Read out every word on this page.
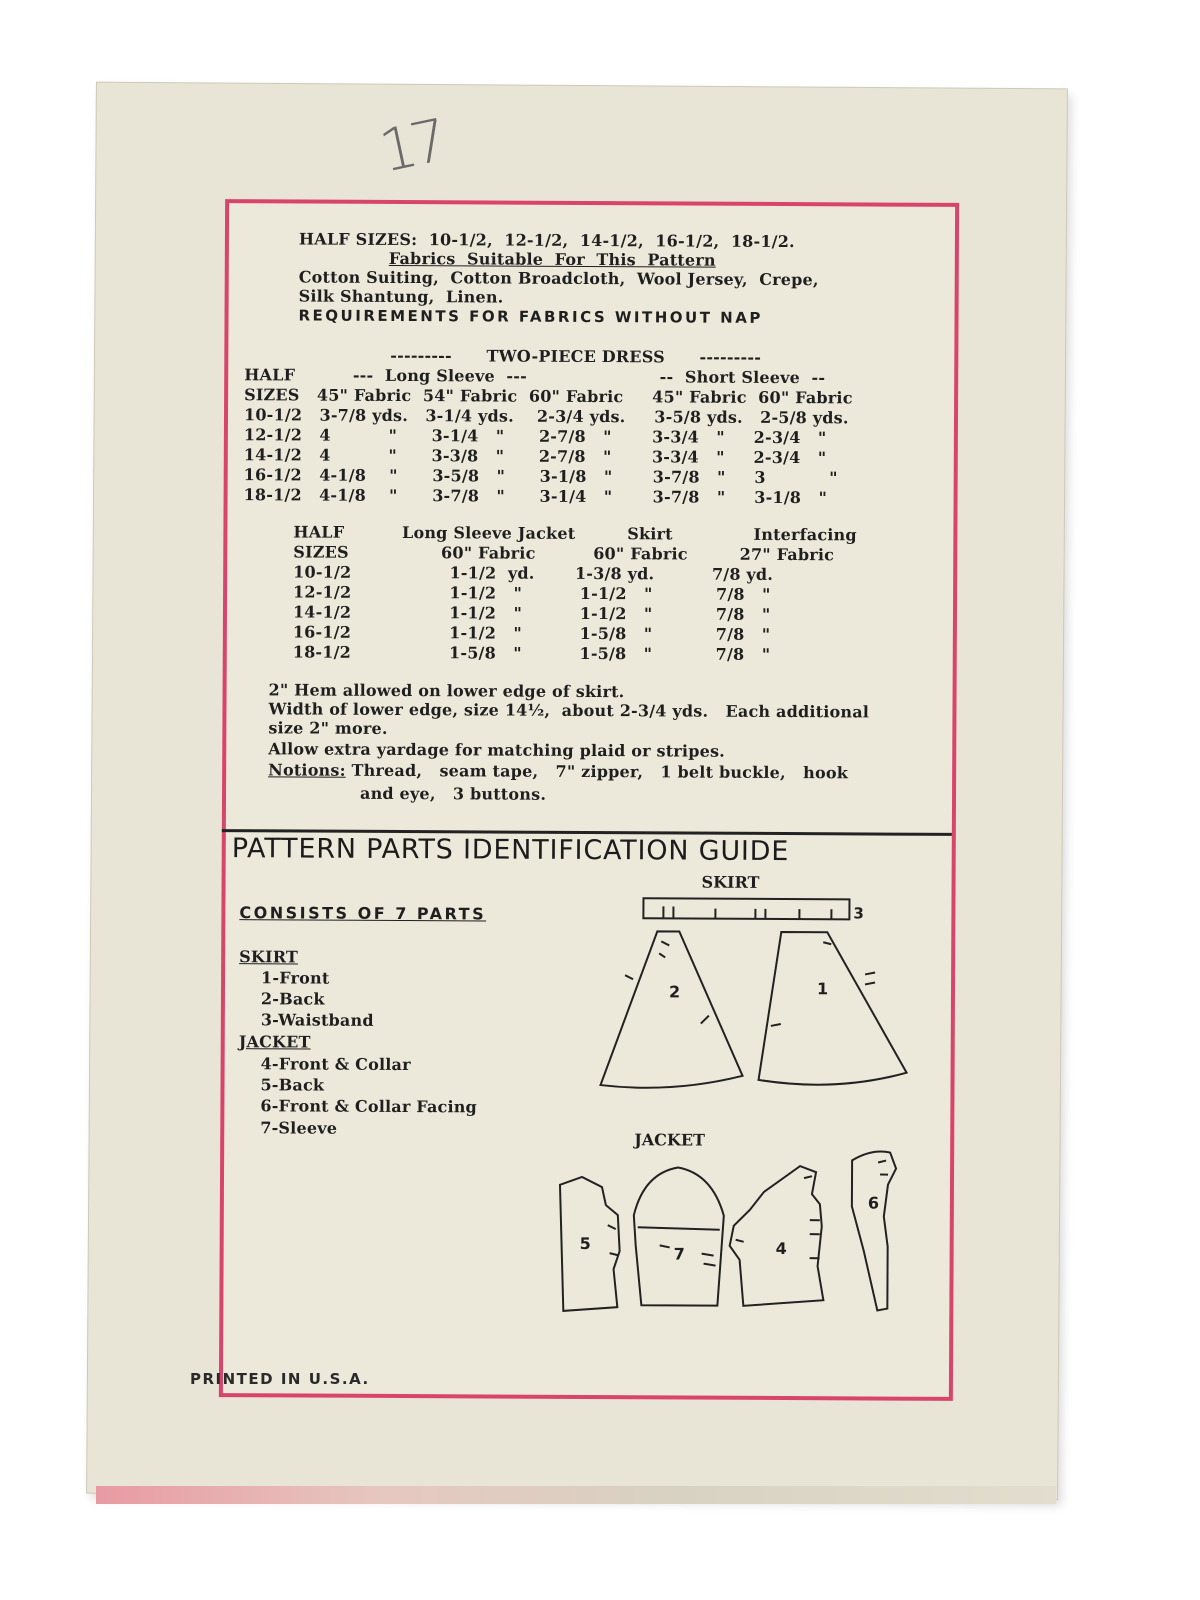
17
HALF SIZES:  10-1/2,  12-1/2,  14-1/2,  16-1/2,  18-1/2.
Fabrics  Suitable  For  This  Pattern
Cotton Suiting,  Cotton Broadcloth,  Wool Jersey,  Crepe,
Silk Shantung,  Linen.
REQUIREMENTS FOR FABRICS WITHOUT NAP
---------      TWO-PIECE DRESS      ---------
HALF          ---  Long Sleeve  ---                       --  Short Sleeve  --
SIZES   45" Fabric  54" Fabric  60" Fabric     45" Fabric  60" Fabric
10-1/2   3-7/8 yds.   3-1/4 yds.    2-3/4 yds.     3-5/8 yds.   2-5/8 yds.
12-1/2   4          "      3-1/4   "      2-7/8   "       3-3/4   "     2-3/4   "
14-1/2   4          "      3-3/8   "      2-7/8   "       3-3/4   "     2-3/4   "
16-1/2   4-1/8    "      3-5/8   "      3-1/8   "       3-7/8   "     3           "
18-1/2   4-1/8    "      3-7/8   "      3-1/4   "       3-7/8   "     3-1/8   "
HALF          Long Sleeve Jacket         Skirt              Interfacing
SIZES                60" Fabric          60" Fabric         27" Fabric
10-1/2                 1-1/2  yd.       1-3/8 yd.          7/8 yd.
12-1/2                 1-1/2   "          1-1/2   "           7/8   "
14-1/2                 1-1/2   "          1-1/2   "           7/8   "
16-1/2                 1-1/2   "          1-5/8   "           7/8   "
18-1/2                 1-5/8   "          1-5/8   "           7/8   "
2" Hem allowed on lower edge of skirt.
Width of lower edge, size 14½,  about 2-3/4 yds.   Each additional
size 2" more.
Allow extra yardage for matching plaid or stripes.
Notions: Thread,   seam tape,   7" zipper,   1 belt buckle,   hook
and eye,   3 buttons.
PATTERN PARTS IDENTIFICATION GUIDE
CONSISTS OF 7 PARTS
SKIRT
1-Front
2-Back
3-Waistband
JACKET
4-Front & Collar
5-Back
6-Front & Collar Facing
7-Sleeve
SKIRT
3
2	1
JACKET
5
7	4
6
PRINTED IN U.S.A.
